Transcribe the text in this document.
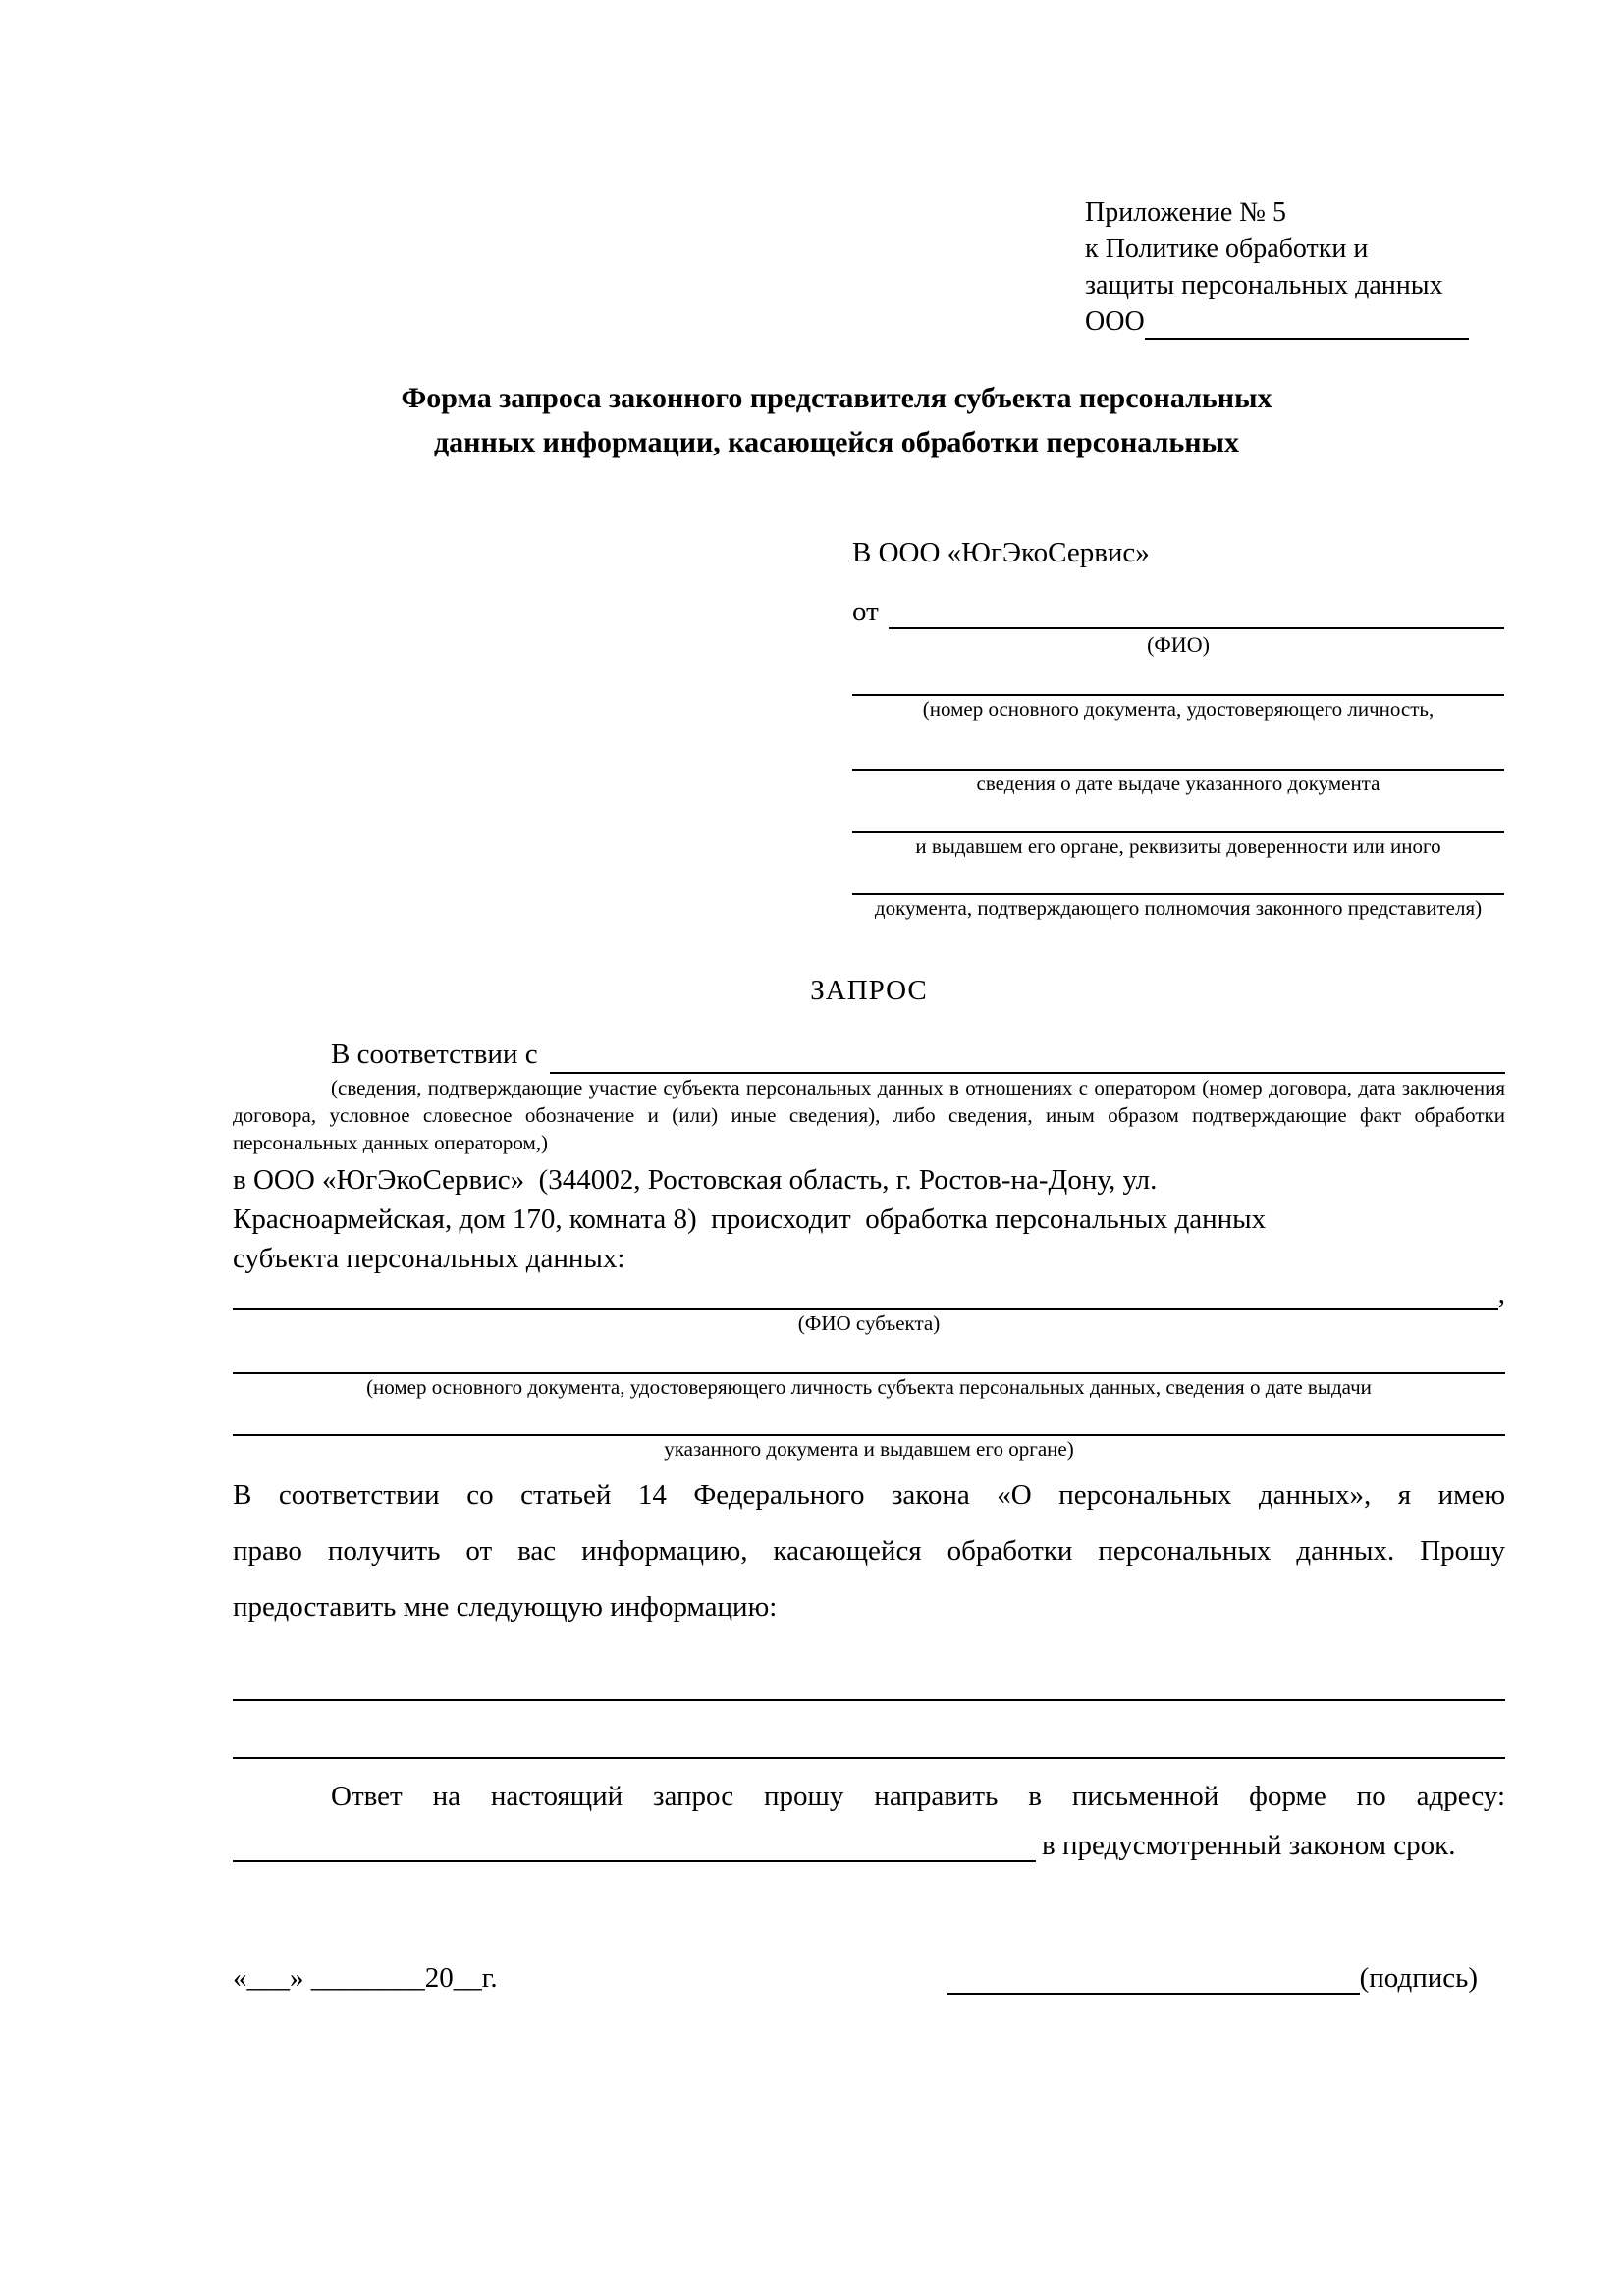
Приложение № 5
к Политике обработки и
защиты персональных данных
ООО
Форма запроса законного представителя субъекта персональных
данных информации, касающейся обработки персональных
В ООО «ЮгЭкоСервис»
от
(ФИО)
(номер основного документа, удостоверяющего личность,
сведения о дате выдаче указанного документа
и выдавшем его органе, реквизиты доверенности или иного
документа, подтверждающего полномочия законного представителя)
ЗАПРОС
В соответствии с
(сведения, подтверждающие участие субъекта персональных данных в отношениях с оператором (номер договора, дата заключения договора, условное словесное обозначение и (или) иные сведения), либо сведения, иным образом подтверждающие факт обработки персональных данных оператором,)
в ООО «ЮгЭкоСервис»  (344002, Ростовская область, г. Ростов-на-Дону, ул.
Красноармейская, дом 170, комната 8)  происходит  обработка персональных данных
субъекта персональных данных:
,
(ФИО субъекта)
(номер основного документа, удостоверяющего личность субъекта персональных данных, сведения о дате выдачи
указанного документа и выдавшем его органе)
В соответствии со статьей 14 Федерального закона «О персональных данных», я имею
право получить от вас информацию, касающейся обработки персональных данных. Прошу
предоставить мне следующую информацию:
Ответ на настоящий запрос прошу направить в письменной форме по адресу:
в предусмотренный законом срок.
«___» ________20__г.	(подпись)
